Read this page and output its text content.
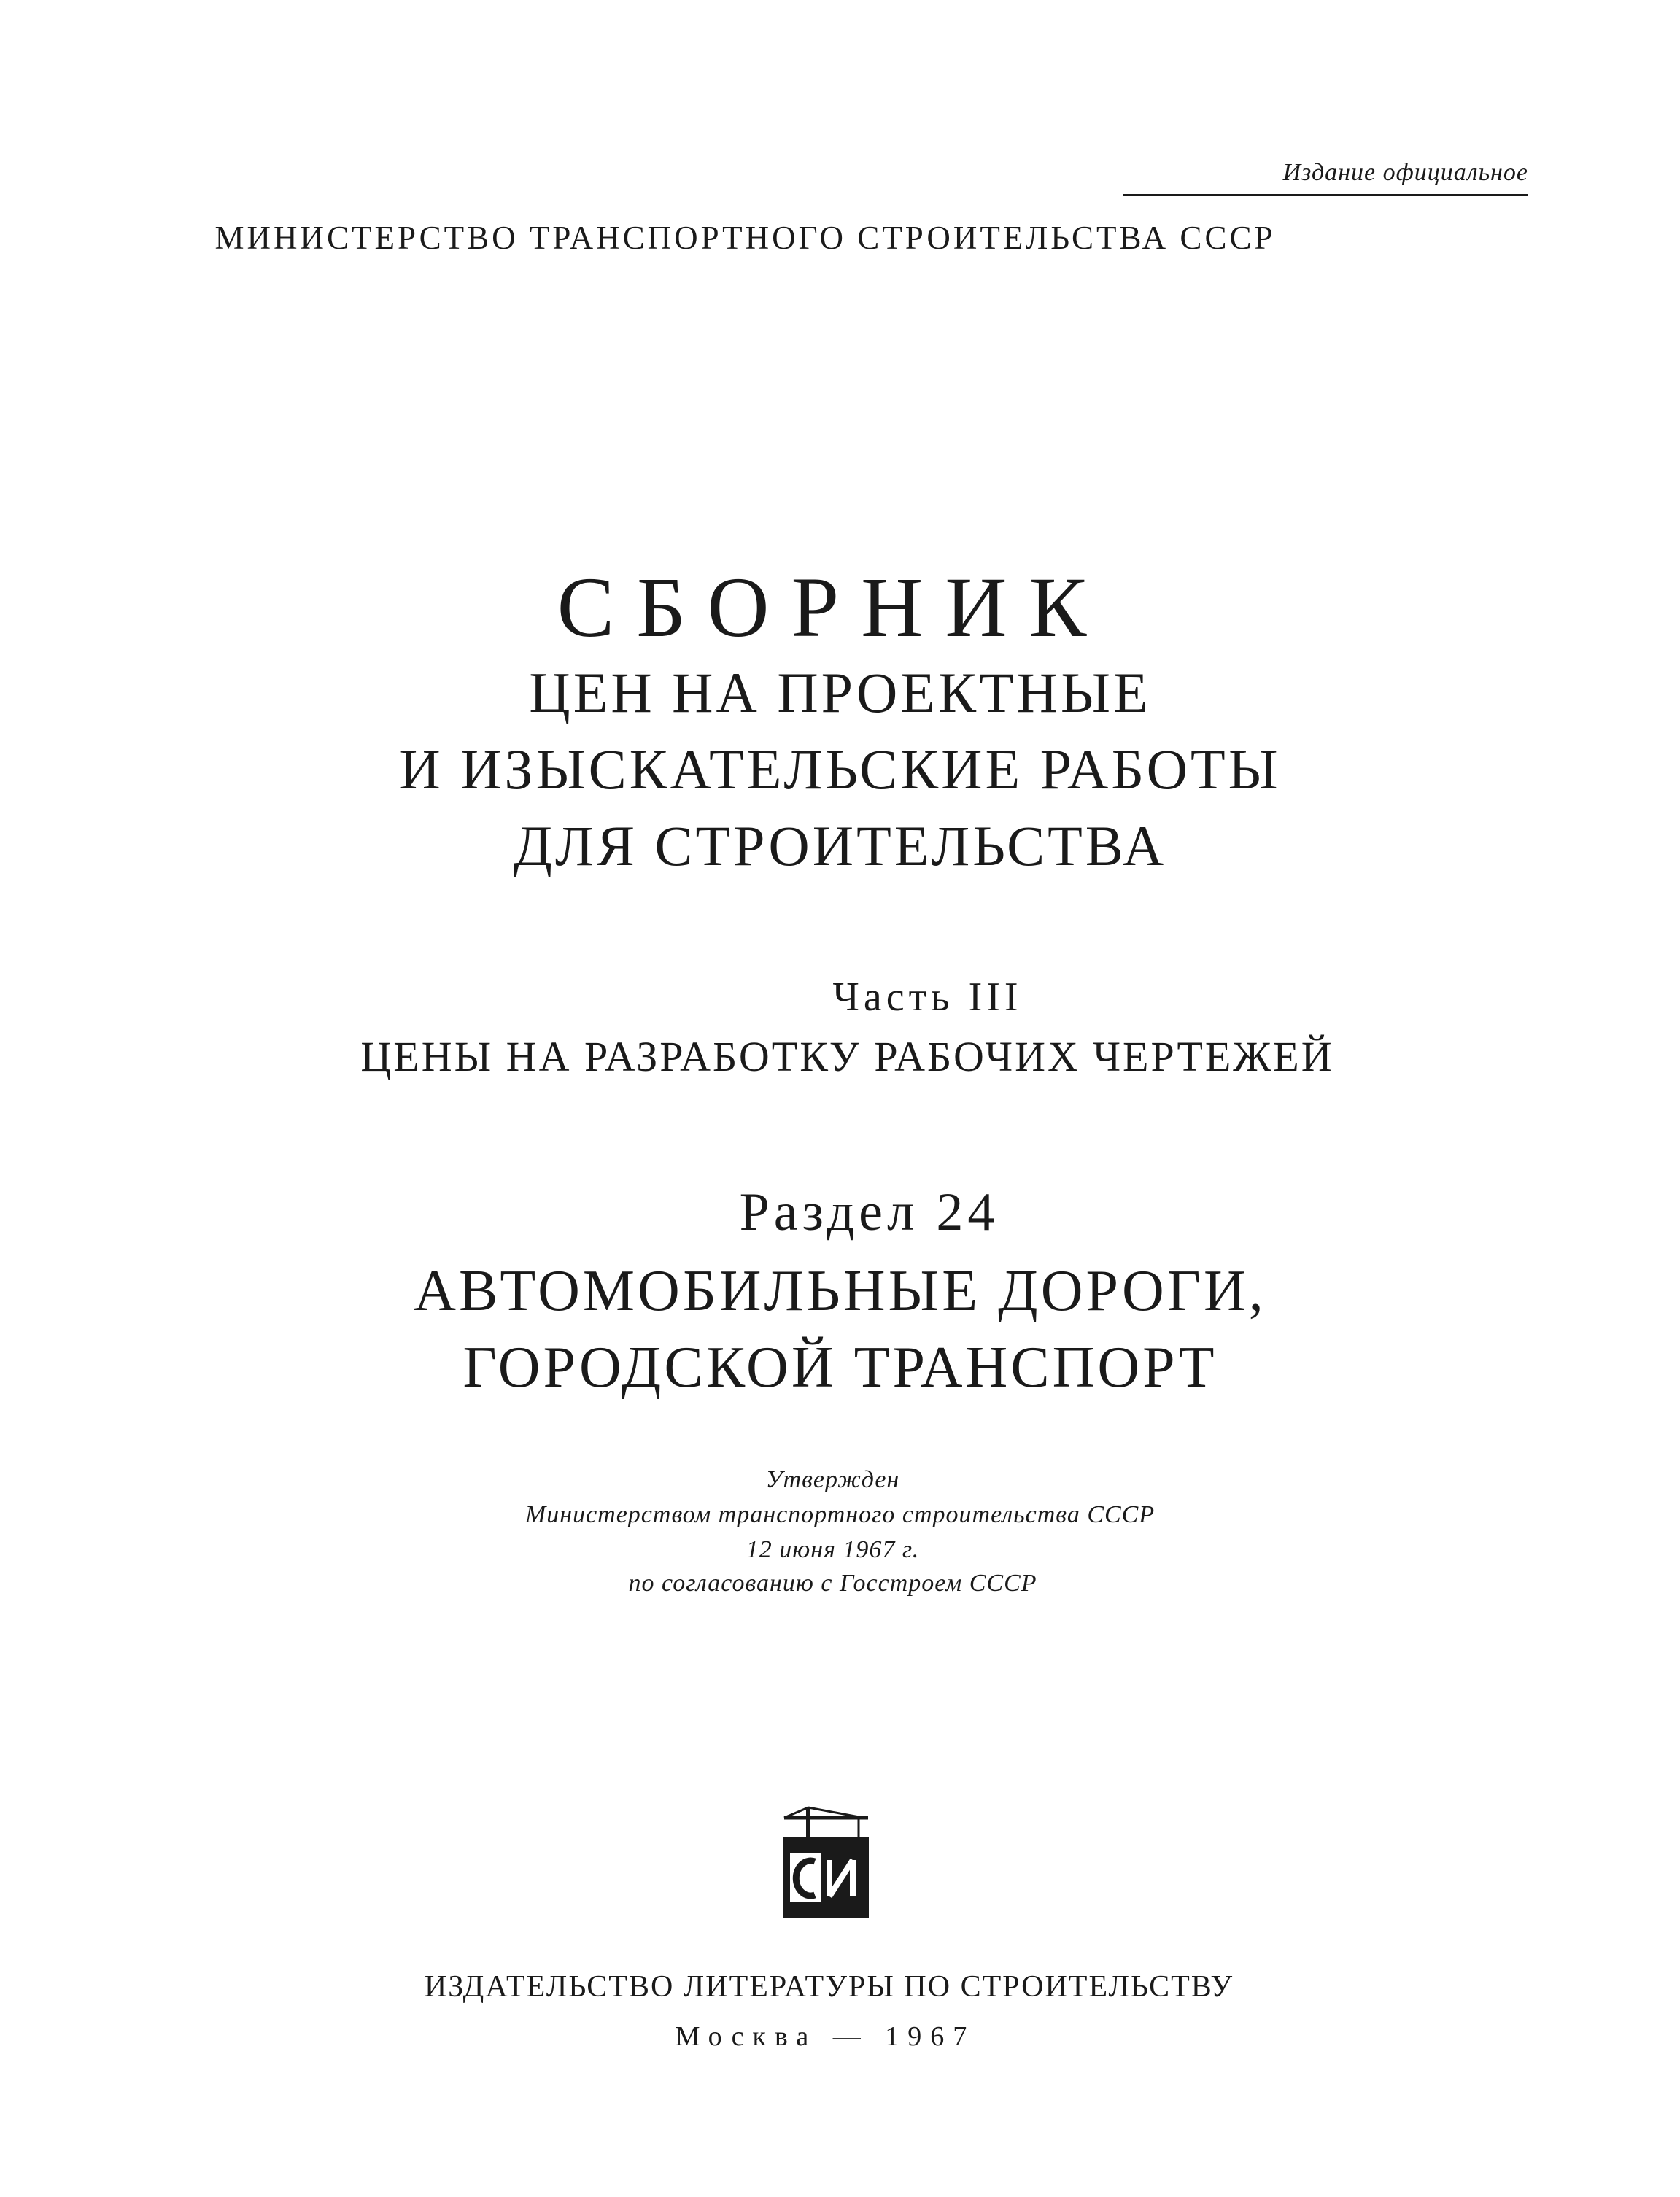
Издание официальное
МИНИСТЕРСТВО ТРАНСПОРТНОГО СТРОИТЕЛЬСТВА СССР
СБОРНИК
ЦЕН НА ПРОЕКТНЫЕ
И ИЗЫСКАТЕЛЬСКИЕ РАБОТЫ
ДЛЯ СТРОИТЕЛЬСТВА
Часть III
ЦЕНЫ НА РАЗРАБОТКУ РАБОЧИХ ЧЕРТЕЖЕЙ
Раздел 24
АВТОМОБИЛЬНЫЕ ДОРОГИ,
ГОРОДСКОЙ ТРАНСПОРТ
Утвержден
Министерством транспортного строительства СССР
12 июня 1967 г.
по согласованию с Госстроем СССР
ИЗДАТЕЛЬСТВО ЛИТЕРАТУРЫ ПО СТРОИТЕЛЬСТВУ
Москва — 1967
